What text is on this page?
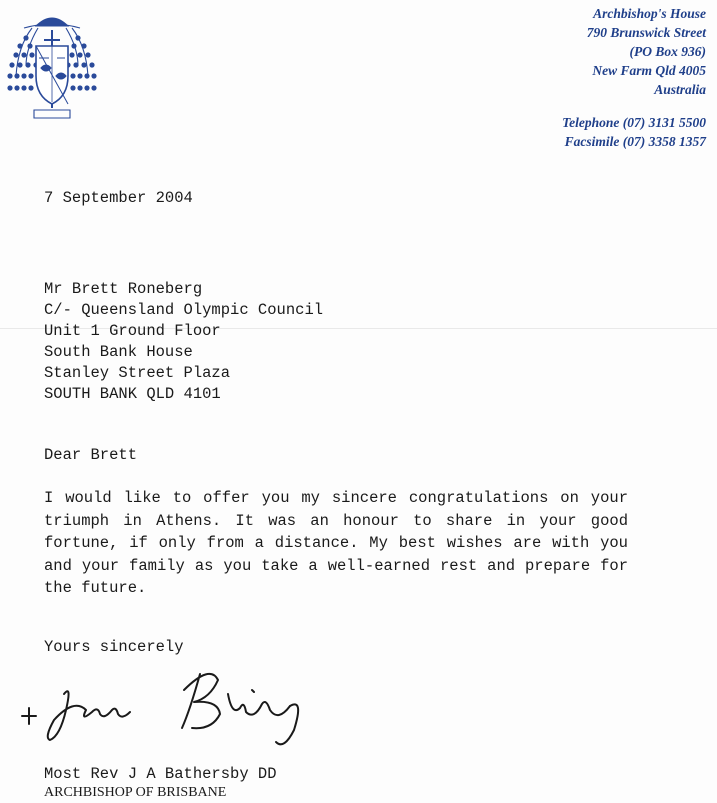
Archbishop's House
790 Brunswick Street
(PO Box 936)
New Farm Qld 4005
Australia
Telephone (07) 3131 5500
Facsimile (07) 3358 1357
7 September 2004
Mr Brett Roneberg
C/- Queensland Olympic Council
Unit 1 Ground Floor
South Bank House
Stanley Street Plaza
SOUTH BANK QLD 4101
Dear Brett
I would like to offer you my sincere congratulations on your triumph in Athens. It was an honour to share in your good fortune, if only from a distance. My best wishes are with you and your family as you take a well-earned rest and prepare for the future.
Yours sincerely
Most Rev J A Bathersby DD
ARCHBISHOP OF BRISBANE
